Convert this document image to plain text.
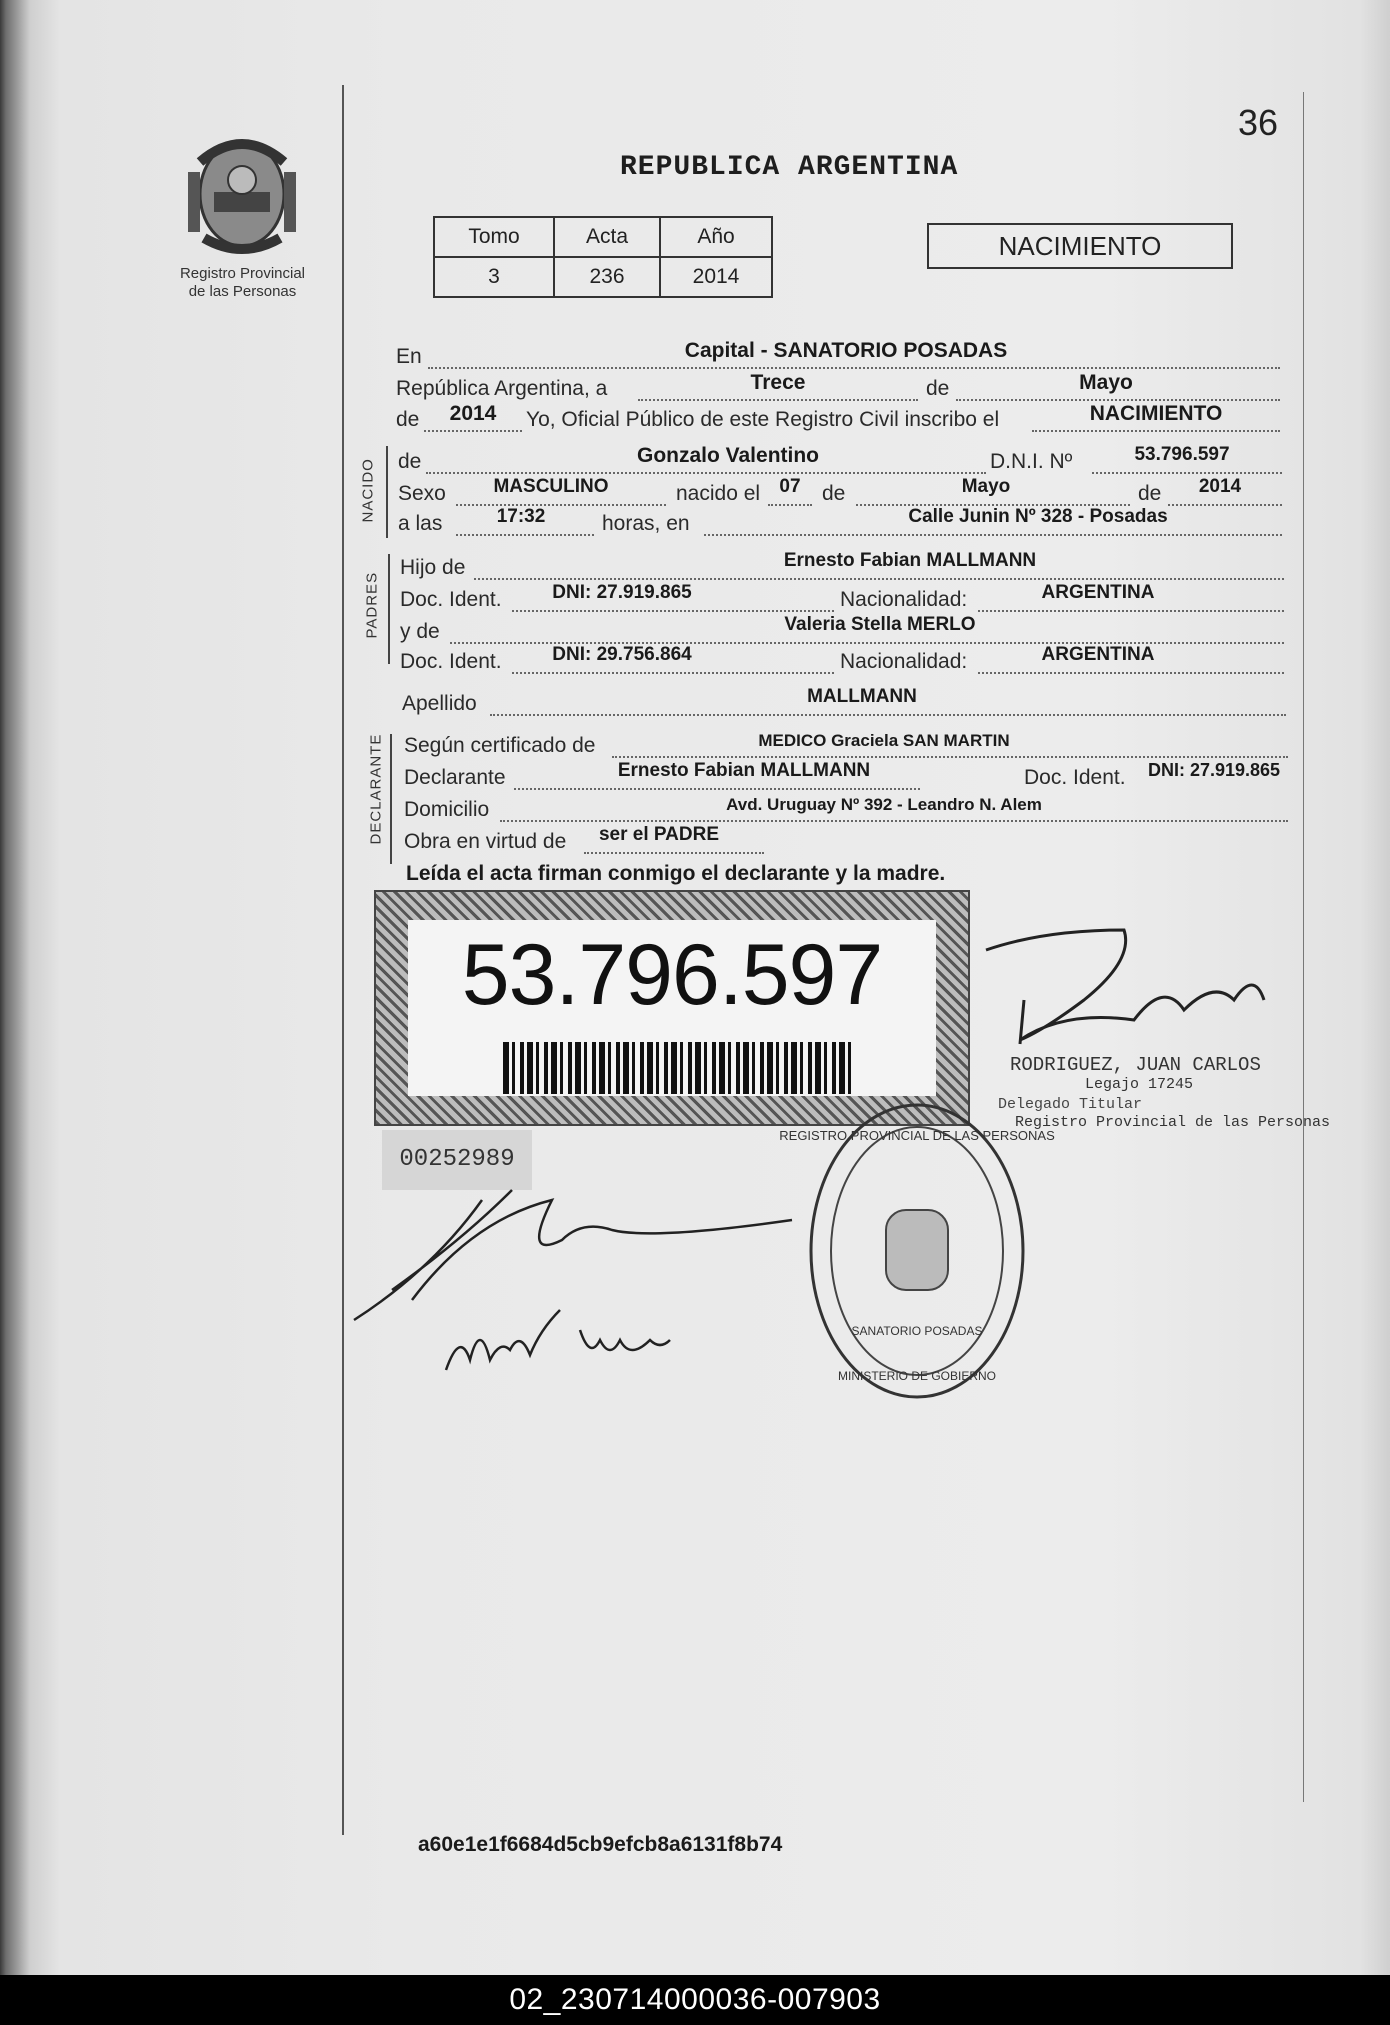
36
Registro Provincial
de las Personas
REPUBLICA ARGENTINA
Tomo	Acta	Año
3	236	2014
NACIMIENTO
En	Capital - SANATORIO POSADAS
República Argentina, a	Trece	de	Mayo
de	2014	Yo, Oficial Público de este Registro Civil inscribo el	NACIMIENTO
NACIDO de	Gonzalo Valentino	D.N.I. Nº	53.796.597
Sexo	MASCULINO	nacido el	07	de	Mayo	de	2014
a las	17:32	horas, en	Calle Junin Nº 328 - Posadas
PADRES
Hijo de	Ernesto Fabian MALLMANN
Doc. Ident.	DNI: 27.919.865	Nacionalidad:	ARGENTINA
y de	Valeria Stella MERLO
Doc. Ident.	DNI: 29.756.864	Nacionalidad:	ARGENTINA
Apellido	MALLMANN
DECLARANTE Según certificado de	MEDICO Graciela SAN MARTIN
Declarante	Ernesto Fabian MALLMANN	Doc. Ident.	DNI: 27.919.865
Domicilio	Avd. Uruguay Nº 392 - Leandro N. Alem
Obra en virtud de	ser el PADRE
Leída el acta firman conmigo el declarante y la madre.
53.796.597
00252989
RODRIGUEZ, JUAN CARLOS
Legajo 17245
Delegado Titular
Registro Provincial de las Personas
REGISTRO PROVINCIAL DE LAS PERSONAS
SANATORIO POSADAS
MINISTERIO DE GOBIERNO
a60e1e1f6684d5cb9efcb8a6131f8b74
02_230714000036-007903
